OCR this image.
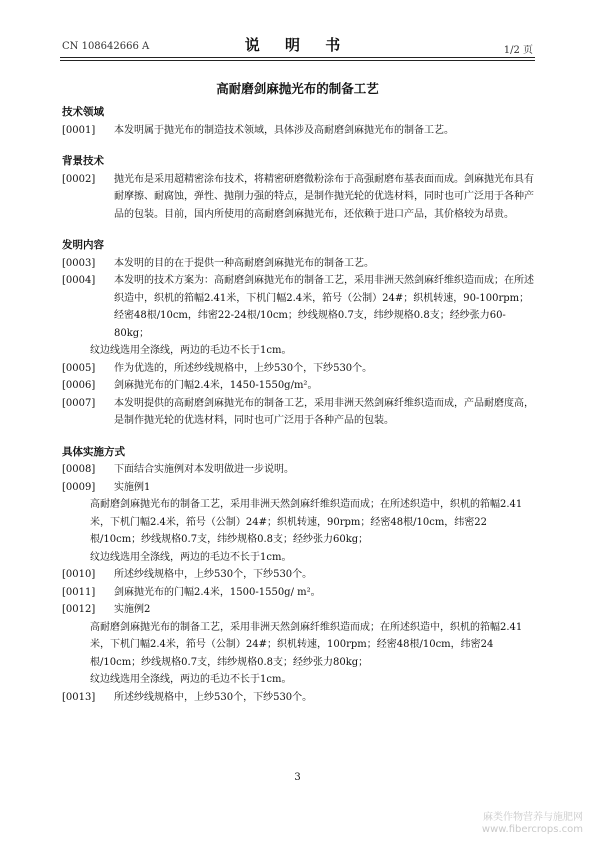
CN 108642666 A	说 明 书	1/2 页
高耐磨剑麻抛光布的制备工艺
技术领域
[0001]	本发明属于抛光布的制造技术领域，具体涉及高耐磨剑麻抛光布的制备工艺。
背景技术
[0002]	抛光布是采用超精密涂布技术，将精密研磨微粉涂布于高强耐磨布基表面而成。剑麻抛光布具有耐摩擦、耐腐蚀，弹性、抛削力强的特点，是制作抛光轮的优选材料，同时也可广泛用于各种产品的包装。目前，国内所使用的高耐磨剑麻抛光布，还依赖于进口产品，其价格较为昂贵。
发明内容
[0003]	本发明的目的在于提供一种高耐磨剑麻抛光布的制备工艺。
[0004]	本发明的技术方案为：高耐磨剑麻抛光布的制备工艺，采用非洲天然剑麻纤维织造而成；在所述织造中，织机的筘幅2.41米，下机门幅2.4米，筘号（公制）24#；织机转速，90-100rpm；经密48根/10cm，纬密22-24根/10cm；纱线规格0.7支，纬纱规格0.8支；经纱张力60-80kg；
纹边线选用全涤线，两边的毛边不长于1cm。
[0005]	作为优选的，所述纱线规格中，上纱530个，下纱530个。
[0006]	剑麻抛光布的门幅2.4米，1450-1550g/m²。
[0007]	本发明提供的高耐磨剑麻抛光布的制备工艺，采用非洲天然剑麻纤维织造而成，产品耐磨度高，是制作抛光轮的优选材料，同时也可广泛用于各种产品的包装。
具体实施方式
[0008]	下面结合实施例对本发明做进一步说明。
[0009]	实施例1
高耐磨剑麻抛光布的制备工艺，采用非洲天然剑麻纤维织造而成；在所述织造中，织机的筘幅2.41米，下机门幅2.4米，筘号（公制）24#；织机转速，90rpm；经密48根/10cm，纬密22根/10cm；纱线规格0.7支，纬纱规格0.8支；经纱张力60kg；
纹边线选用全涤线，两边的毛边不长于1cm。
[0010]	所述纱线规格中，上纱530个，下纱530个。
[0011]	剑麻抛光布的门幅2.4米，1500-1550g/ m²。
[0012]	实施例2
高耐磨剑麻抛光布的制备工艺，采用非洲天然剑麻纤维织造而成；在所述织造中，织机的筘幅2.41米，下机门幅2.4米，筘号（公制）24#；织机转速，100rpm；经密48根/10cm，纬密24根/10cm；纱线规格0.7支，纬纱规格0.8支；经纱张力80kg；
纹边线选用全涤线，两边的毛边不长于1cm。
[0013]	所述纱线规格中，上纱530个，下纱530个。
3
麻类作物营养与施肥网
www.fibercrops.com
